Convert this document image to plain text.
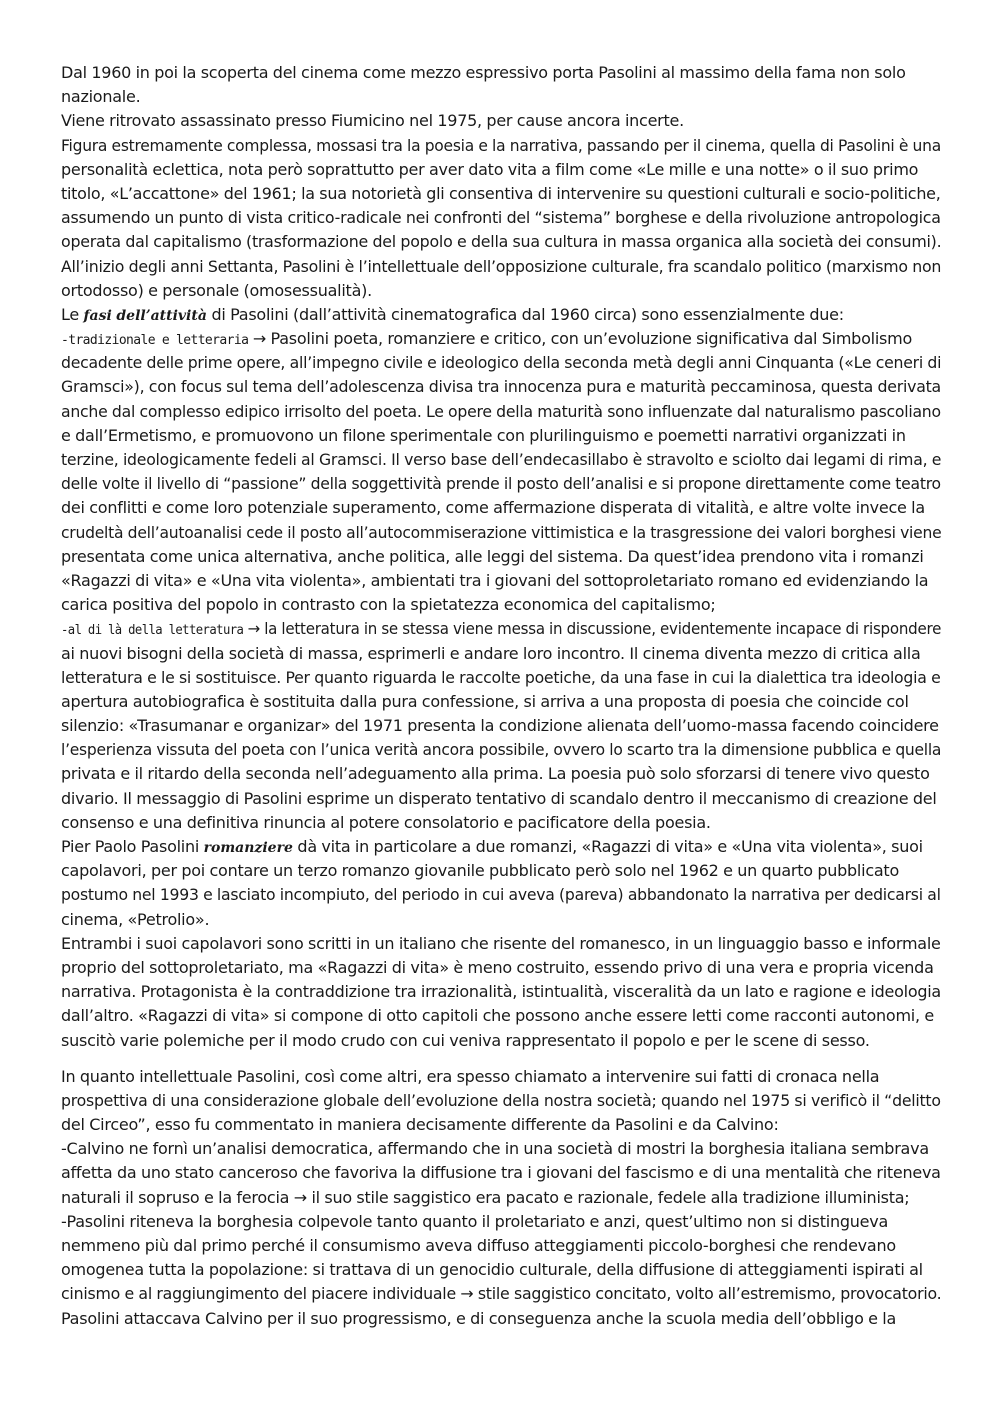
Dal 1960 in poi la scoperta del cinema come mezzo espressivo porta Pasolini al massimo della fama non solo
nazionale.
Viene ritrovato assassinato presso Fiumicino nel 1975, per cause ancora incerte.
Figura estremamente complessa, mossasi tra la poesia e la narrativa, passando per il cinema, quella di Pasolini è una
personalità eclettica, nota però soprattutto per aver dato vita a film come «Le mille e una notte» o il suo primo
titolo, «L’accattone» del 1961; la sua notorietà gli consentiva di intervenire su questioni culturali e socio-politiche,
assumendo un punto di vista critico-radicale nei confronti del “sistema” borghese e della rivoluzione antropologica
operata dal capitalismo (trasformazione del popolo e della sua cultura in massa organica alla società dei consumi).
All’inizio degli anni Settanta, Pasolini è l’intellettuale dell’opposizione culturale, fra scandalo politico (marxismo non
ortodosso) e personale (omosessualità).
Le fasi dell’attività di Pasolini (dall’attività cinematografica dal 1960 circa) sono essenzialmente due:
-tradizionale e letteraria → Pasolini poeta, romanziere e critico, con un’evoluzione significativa dal Simbolismo
decadente delle prime opere, all’impegno civile e ideologico della seconda metà degli anni Cinquanta («Le ceneri di
Gramsci»), con focus sul tema dell’adolescenza divisa tra innocenza pura e maturità peccaminosa, questa derivata
anche dal complesso edipico irrisolto del poeta. Le opere della maturità sono influenzate dal naturalismo pascoliano
e dall’Ermetismo, e promuovono un filone sperimentale con plurilinguismo e poemetti narrativi organizzati in
terzine, ideologicamente fedeli al Gramsci. Il verso base dell’endecasillabo è stravolto e sciolto dai legami di rima, e
delle volte il livello di “passione” della soggettività prende il posto dell’analisi e si propone direttamente come teatro
dei conflitti e come loro potenziale superamento, come affermazione disperata di vitalità, e altre volte invece la
crudeltà dell’autoanalisi cede il posto all’autocommiserazione vittimistica e la trasgressione dei valori borghesi viene
presentata come unica alternativa, anche politica, alle leggi del sistema. Da quest’idea prendono vita i romanzi
«Ragazzi di vita» e «Una vita violenta», ambientati tra i giovani del sottoproletariato romano ed evidenziando la
carica positiva del popolo in contrasto con la spietatezza economica del capitalismo;
-al di là della letteratura → la letteratura in se stessa viene messa in discussione, evidentemente incapace di rispondere
ai nuovi bisogni della società di massa, esprimerli e andare loro incontro. Il cinema diventa mezzo di critica alla
letteratura e le si sostituisce. Per quanto riguarda le raccolte poetiche, da una fase in cui la dialettica tra ideologia e
apertura autobiografica è sostituita dalla pura confessione, si arriva a una proposta di poesia che coincide col
silenzio: «Trasumanar e organizar» del 1971 presenta la condizione alienata dell’uomo-massa facendo coincidere
l’esperienza vissuta del poeta con l’unica verità ancora possibile, ovvero lo scarto tra la dimensione pubblica e quella
privata e il ritardo della seconda nell’adeguamento alla prima. La poesia può solo sforzarsi di tenere vivo questo
divario. Il messaggio di Pasolini esprime un disperato tentativo di scandalo dentro il meccanismo di creazione del
consenso e una definitiva rinuncia al potere consolatorio e pacificatore della poesia.
Pier Paolo Pasolini romanziere dà vita in particolare a due romanzi, «Ragazzi di vita» e «Una vita violenta», suoi
capolavori, per poi contare un terzo romanzo giovanile pubblicato però solo nel 1962 e un quarto pubblicato
postumo nel 1993 e lasciato incompiuto, del periodo in cui aveva (pareva) abbandonato la narrativa per dedicarsi al
cinema, «Petrolio».
Entrambi i suoi capolavori sono scritti in un italiano che risente del romanesco, in un linguaggio basso e informale
proprio del sottoproletariato, ma «Ragazzi di vita» è meno costruito, essendo privo di una vera e propria vicenda
narrativa. Protagonista è la contraddizione tra irrazionalità, istintualità, visceralità da un lato e ragione e ideologia
dall’altro. «Ragazzi di vita» si compone di otto capitoli che possono anche essere letti come racconti autonomi, e
suscitò varie polemiche per il modo crudo con cui veniva rappresentato il popolo e per le scene di sesso.
In quanto intellettuale Pasolini, così come altri, era spesso chiamato a intervenire sui fatti di cronaca nella
prospettiva di una considerazione globale dell’evoluzione della nostra società; quando nel 1975 si verificò il “delitto
del Circeo”, esso fu commentato in maniera decisamente differente da Pasolini e da Calvino:
-Calvino ne fornì un’analisi democratica, affermando che in una società di mostri la borghesia italiana sembrava
affetta da uno stato canceroso che favoriva la diffusione tra i giovani del fascismo e di una mentalità che riteneva
naturali il sopruso e la ferocia → il suo stile saggistico era pacato e razionale, fedele alla tradizione illuminista;
-Pasolini riteneva la borghesia colpevole tanto quanto il proletariato e anzi, quest’ultimo non si distingueva
nemmeno più dal primo perché il consumismo aveva diffuso atteggiamenti piccolo-borghesi che rendevano
omogenea tutta la popolazione: si trattava di un genocidio culturale, della diffusione di atteggiamenti ispirati al
cinismo e al raggiungimento del piacere individuale → stile saggistico concitato, volto all’estremismo, provocatorio.
Pasolini attaccava Calvino per il suo progressismo, e di conseguenza anche la scuola media dell’obbligo e la
